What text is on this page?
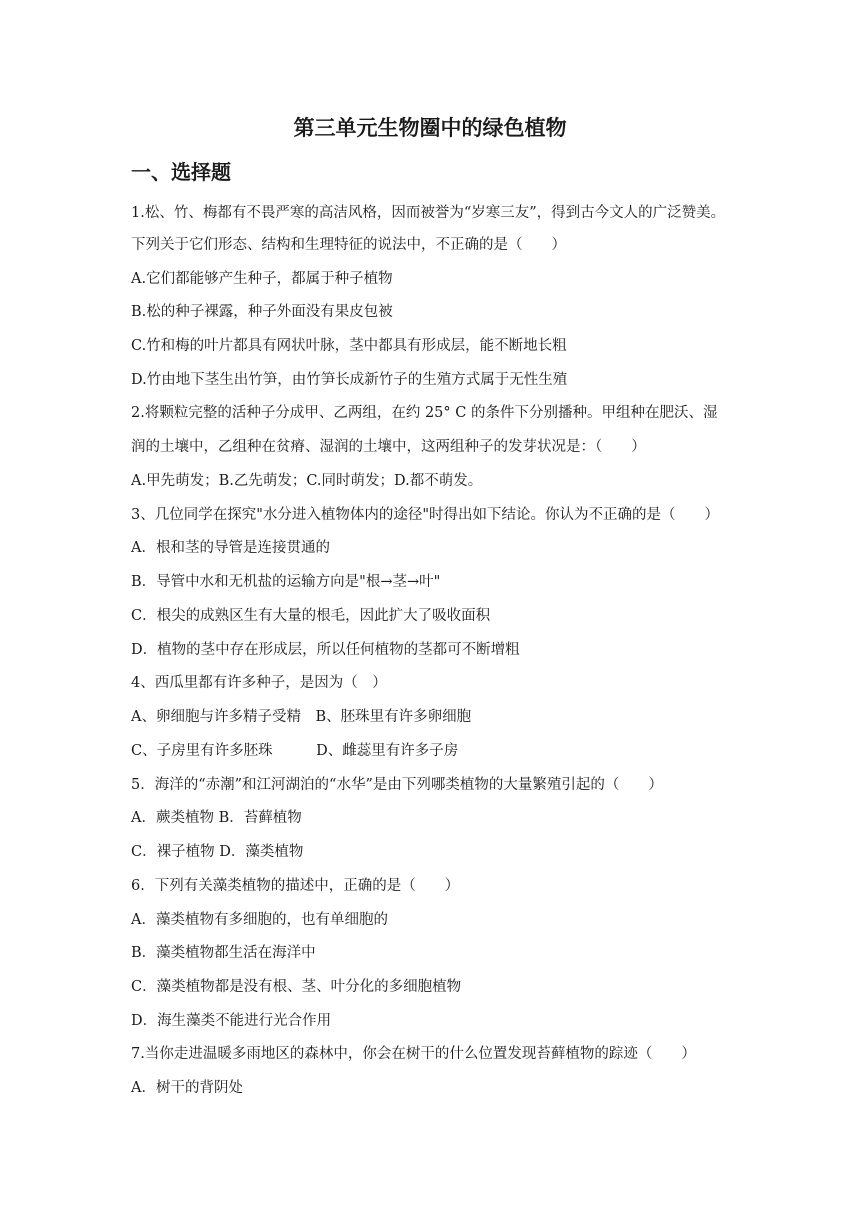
第三单元生物圈中的绿色植物
一、选择题
1.松、竹、梅都有不畏严寒的高洁风格，因而被誉为“岁寒三友”，得到古今文人的广泛赞美。
下列关于它们形态、结构和生理特征的说法中，不正确的是（　　）
A.它们都能够产生种子，都属于种子植物
B.松的种子裸露，种子外面没有果皮包被
C.竹和梅的叶片都具有网状叶脉，茎中都具有形成层，能不断地长粗
D.竹由地下茎生出竹笋，由竹笋长成新竹子的生殖方式属于无性生殖
2.将颗粒完整的活种子分成甲、乙两组，在约 25° C 的条件下分别播种。甲组种在肥沃、湿
润的土壤中，乙组种在贫瘠、湿润的土壤中，这两组种子的发芽状况是：（　　）
A.甲先萌发；B.乙先萌发；C.同时萌发；D.都不萌发。
3、几位同学在探究"水分进入植物体内的途径"时得出如下结论。你认为不正确的是（　　）
A．根和茎的导管是连接贯通的
B．导管中水和无机盐的运输方向是"根→茎→叶"
C．根尖的成熟区生有大量的根毛，因此扩大了吸收面积
D．植物的茎中存在形成层，所以任何植物的茎都可不断增粗
4、西瓜里都有许多种子，是因为（　）
A、卵细胞与许多精子受精　B、胚珠里有许多卵细胞
C、子房里有许多胚珠　　　D、雌蕊里有许多子房
5．海洋的“赤潮”和江河湖泊的“水华”是由下列哪类植物的大量繁殖引起的（　　）
A．蕨类植物 B．苔藓植物
C．裸子植物 D．藻类植物
6．下列有关藻类植物的描述中，正确的是（　　）
A．藻类植物有多细胞的，也有单细胞的
B．藻类植物都生活在海洋中
C．藻类植物都是没有根、茎、叶分化的多细胞植物
D．海生藻类不能进行光合作用
7.当你走进温暖多雨地区的森林中，你会在树干的什么位置发现苔藓植物的踪迹（　　）
A．树干的背阴处
